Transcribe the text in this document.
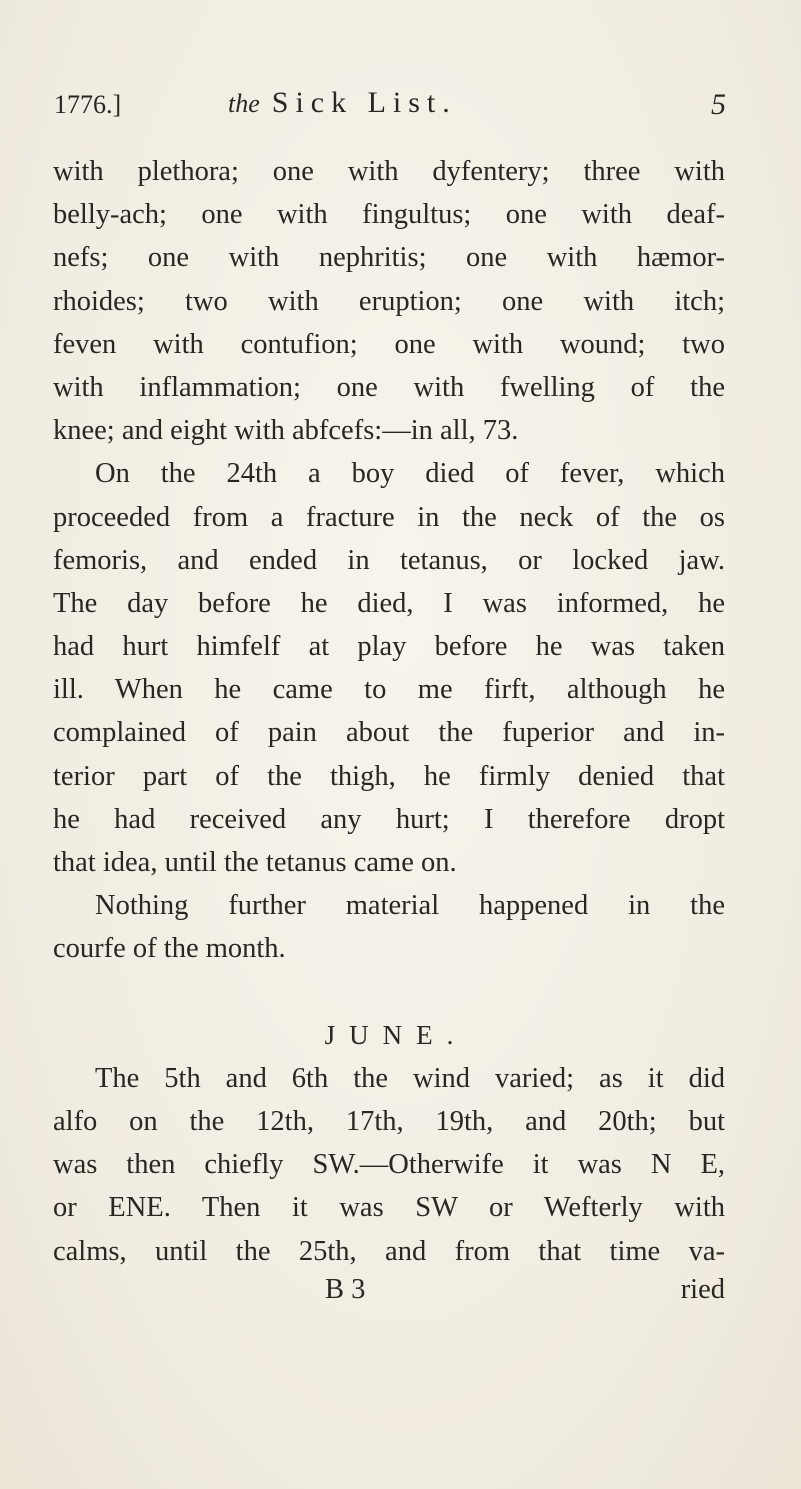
1776.]	the Sick List.	5
with plethora; one with dyfentery; three with
belly-ach; one with fingultus; one with deaf-
nefs; one with nephritis; one with hæmor-
rhoides; two with eruption; one with itch;
feven with contufion; one with wound; two
with inflammation; one with fwelling of the
knee; and eight with abfcefs:—in all, 73.
On the 24th a boy died of fever, which
proceeded from a fracture in the neck of the os
femoris, and ended in tetanus, or locked jaw.
The day before he died, I was informed, he
had hurt himfelf at play before he was taken
ill. When he came to me firft, although he
complained of pain about the fuperior and in-
terior part of the thigh, he firmly denied that
he had received any hurt; I therefore dropt
that idea, until the tetanus came on.
Nothing further material happened in the
courfe of the month.
JUNE.
The 5th and 6th the wind varied; as it did
alfo on the 12th, 17th, 19th, and 20th; but
was then chiefly SW.—Otherwife it was N E,
or ENE. Then it was SW or Wefterly with
calms, until the 25th, and from that time va-
B 3	ried
